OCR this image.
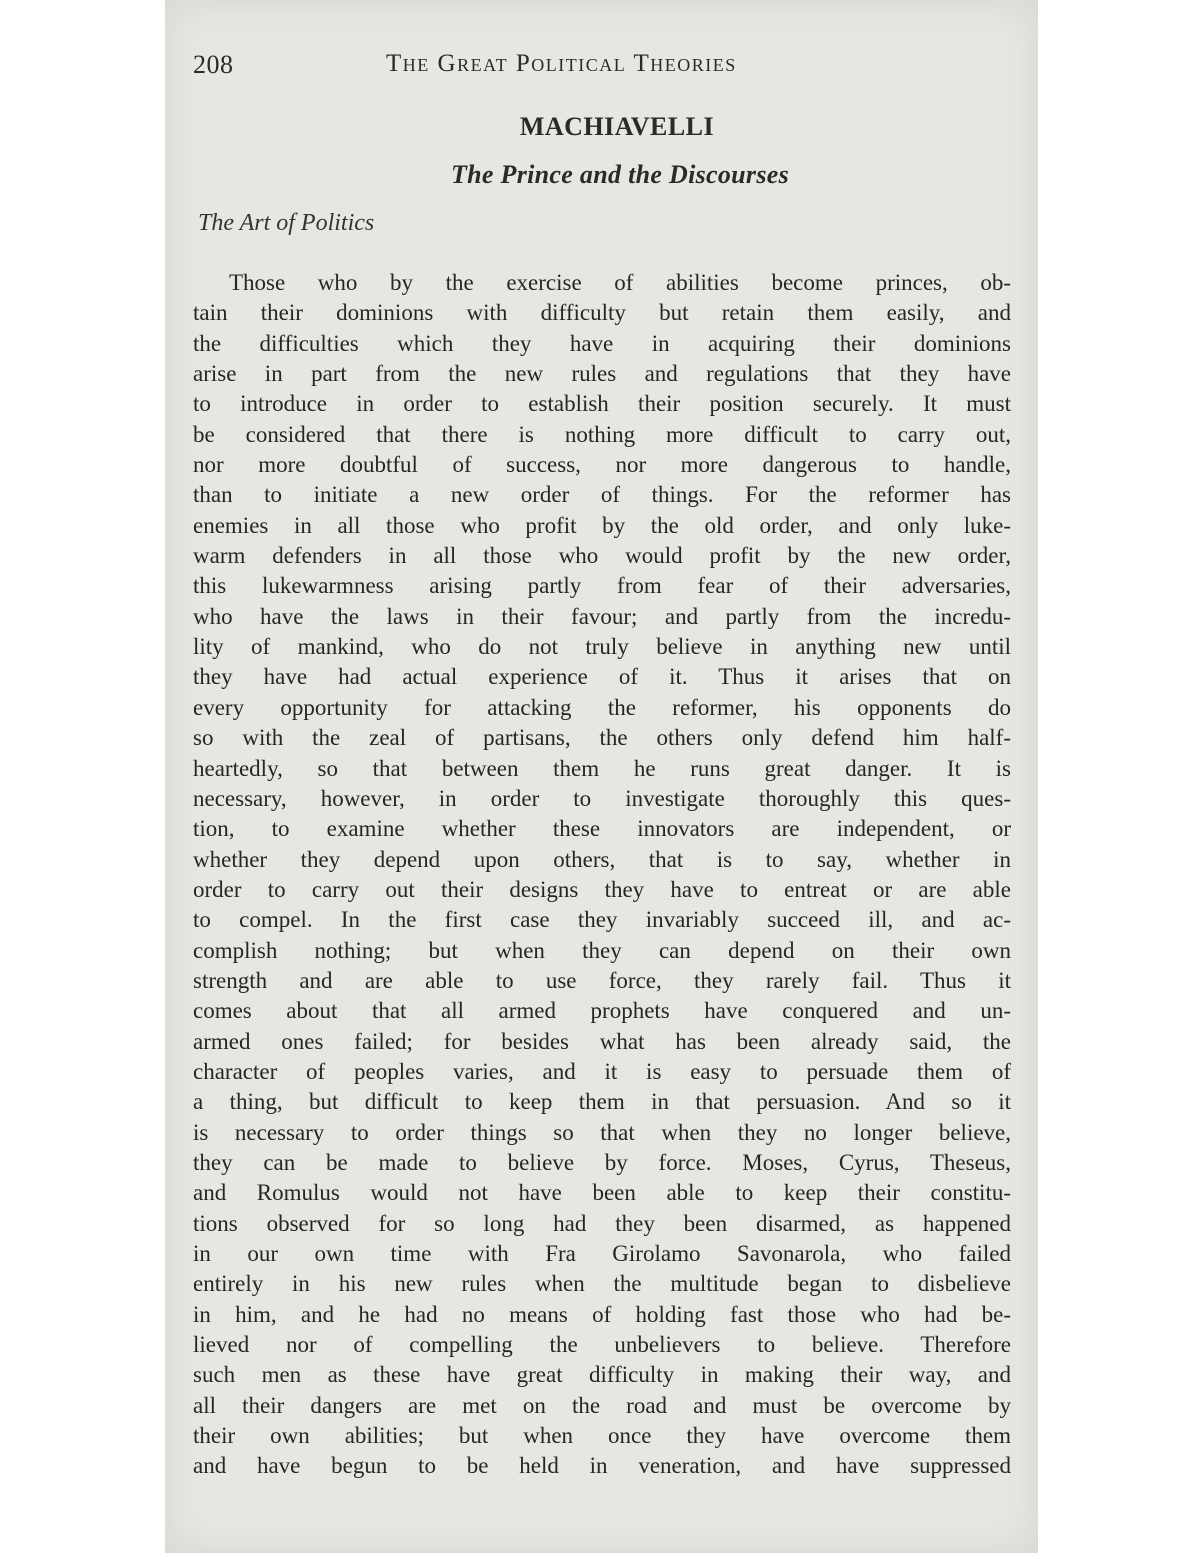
208	The Great Political Theories
MACHIAVELLI
The Prince and the Discourses
The Art of Politics
Those who by the exercise of abilities become princes, ob-
tain their dominions with difficulty but retain them easily, and
the difficulties which they have in acquiring their dominions
arise in part from the new rules and regulations that they have
to introduce in order to establish their position securely. It must
be considered that there is nothing more difficult to carry out,
nor more doubtful of success, nor more dangerous to handle,
than to initiate a new order of things. For the reformer has
enemies in all those who profit by the old order, and only luke-
warm defenders in all those who would profit by the new order,
this lukewarmness arising partly from fear of their adversaries,
who have the laws in their favour; and partly from the incredu-
lity of mankind, who do not truly believe in anything new until
they have had actual experience of it. Thus it arises that on
every opportunity for attacking the reformer, his opponents do
so with the zeal of partisans, the others only defend him half-
heartedly, so that between them he runs great danger. It is
necessary, however, in order to investigate thoroughly this ques-
tion, to examine whether these innovators are independent, or
whether they depend upon others, that is to say, whether in
order to carry out their designs they have to entreat or are able
to compel. In the first case they invariably succeed ill, and ac-
complish nothing; but when they can depend on their own
strength and are able to use force, they rarely fail. Thus it
comes about that all armed prophets have conquered and un-
armed ones failed; for besides what has been already said, the
character of peoples varies, and it is easy to persuade them of
a thing, but difficult to keep them in that persuasion. And so it
is necessary to order things so that when they no longer believe,
they can be made to believe by force. Moses, Cyrus, Theseus,
and Romulus would not have been able to keep their constitu-
tions observed for so long had they been disarmed, as happened
in our own time with Fra Girolamo Savonarola, who failed
entirely in his new rules when the multitude began to disbelieve
in him, and he had no means of holding fast those who had be-
lieved nor of compelling the unbelievers to believe. Therefore
such men as these have great difficulty in making their way, and
all their dangers are met on the road and must be overcome by
their own abilities; but when once they have overcome them
and have begun to be held in veneration, and have suppressed
